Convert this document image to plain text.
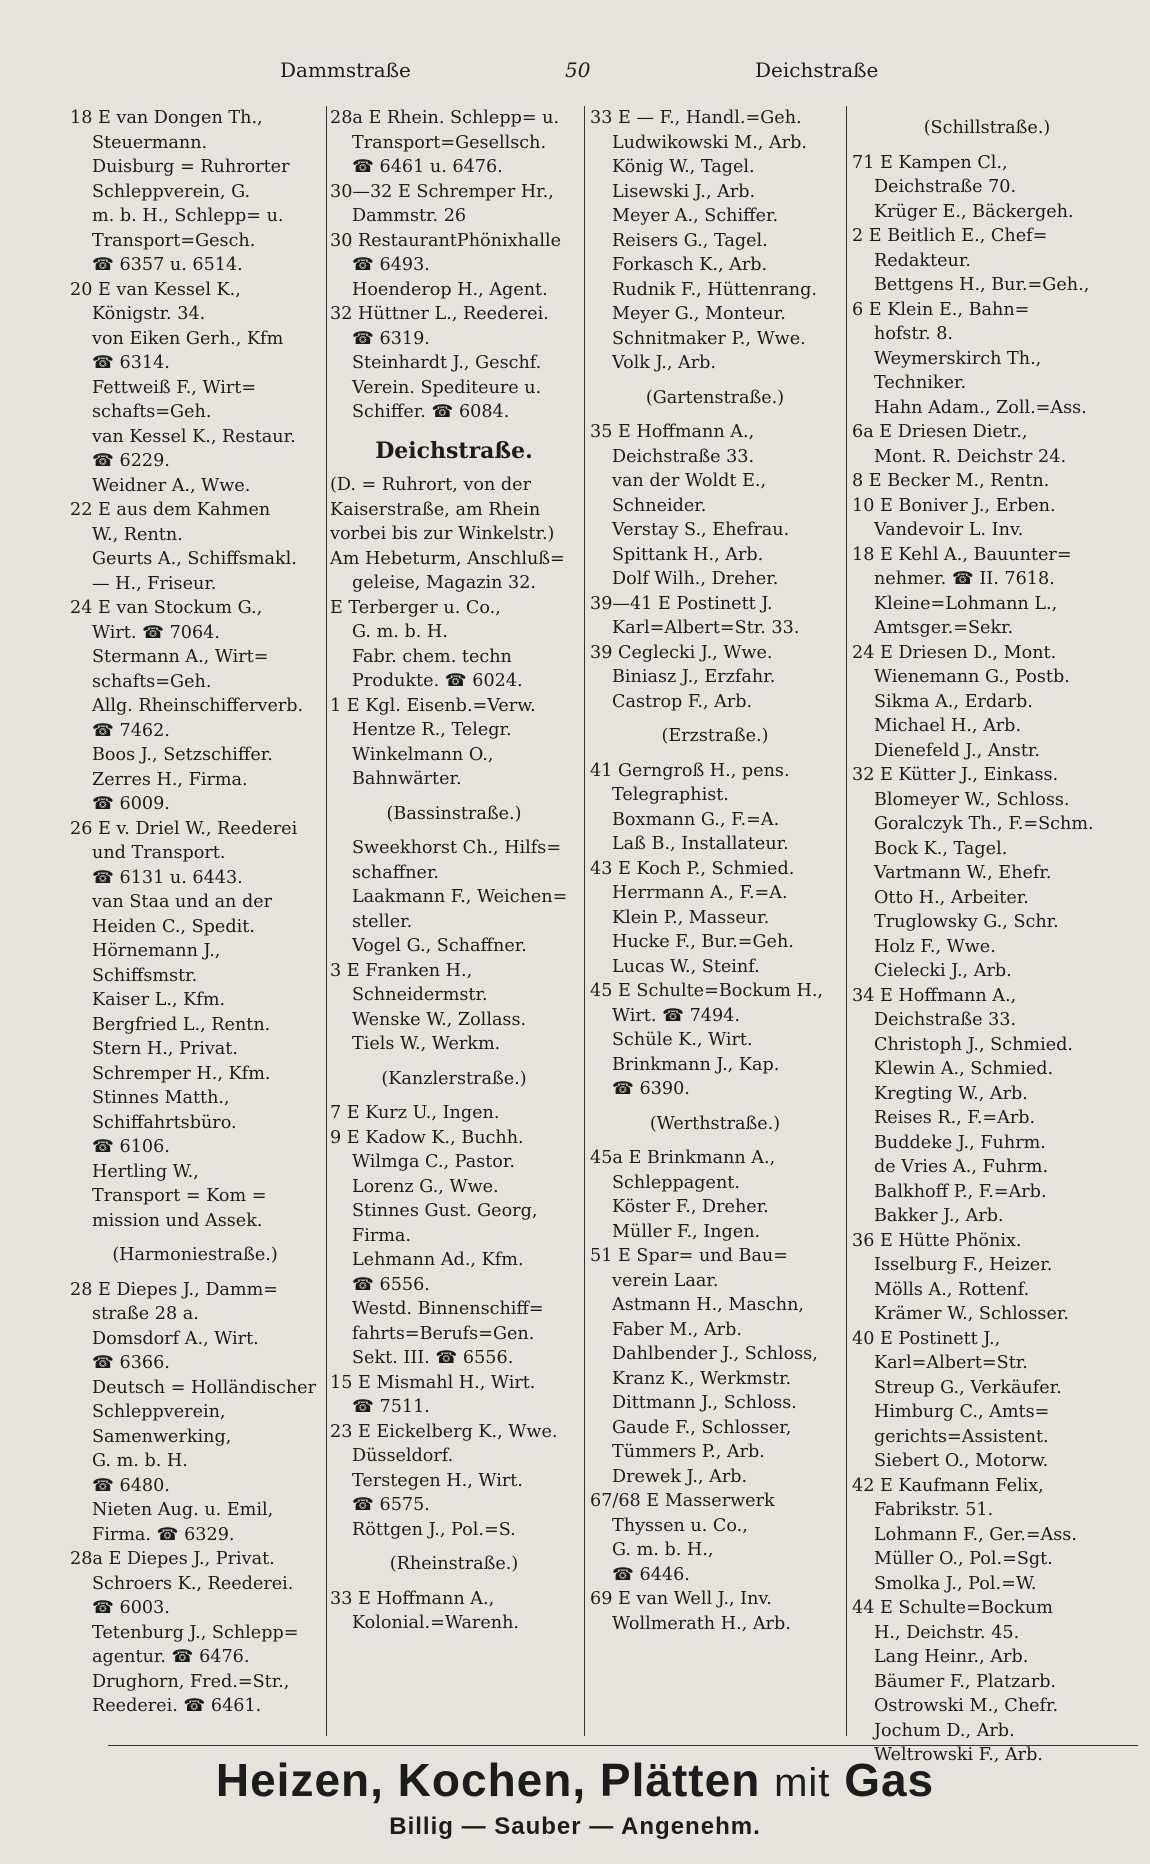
Dammstraße	50	Deichstraße
18 E van Dongen Th.,
Steuermann.
Duisburg = Ruhrorter
Schleppverein, G.
m. b. H., Schlepp= u.
Transport=Gesch.
☎ 6357 u. 6514.
20 E van Kessel K.,
Königstr. 34.
von Eiken Gerh., Kfm
☎ 6314.
Fettweiß F., Wirt=
schafts=Geh.
van Kessel K., Restaur.
☎ 6229.
Weidner A., Wwe.
22 E aus dem Kahmen
W., Rentn.
Geurts A., Schiffsmakl.
— H., Friseur.
24 E van Stockum G.,
Wirt. ☎ 7064.
Stermann A., Wirt=
schafts=Geh.
Allg. Rheinschifferverb.
☎ 7462.
Boos J., Setzschiffer.
Zerres H., Firma.
☎ 6009.
26 E v. Driel W., Reederei
und Transport.
☎ 6131 u. 6443.
van Staa und an der
Heiden C., Spedit.
Hörnemann J.,
Schiffsmstr.
Kaiser L., Kfm.
Bergfried L., Rentn.
Stern H., Privat.
Schremper H., Kfm.
Stinnes Matth.,
Schiffahrtsbüro.
☎ 6106.
Hertling W.,
Transport = Kom =
mission und Assek.
(Harmoniestraße.)
28 E Diepes J., Damm=
straße 28 a.
Domsdorf A., Wirt.
☎ 6366.
Deutsch = Holländischer
Schleppverein,
Samenwerking,
G. m. b. H.
☎ 6480.
Nieten Aug. u. Emil,
Firma. ☎ 6329.
28a E Diepes J., Privat.
Schroers K., Reederei.
☎ 6003.
Tetenburg J., Schlepp=
agentur. ☎ 6476.
Drughorn, Fred.=Str.,
Reederei. ☎ 6461.
28a E Rhein. Schlepp= u.
Transport=Gesellsch.
☎ 6461 u. 6476.
30—32 E Schremper Hr.,
Dammstr. 26
30 RestaurantPhönixhalle
☎ 6493.
Hoenderop H., Agent.
32 Hüttner L., Reederei.
☎ 6319.
Steinhardt J., Geschf.
Verein. Spediteure u.
Schiffer. ☎ 6084.
Deichstraße.
(D. = Ruhrort, von der
Kaiserstraße, am Rhein
vorbei bis zur Winkelstr.)
Am Hebeturm, Anschluß=
geleise, Magazin 32.
E Terberger u. Co.,
G. m. b. H.
Fabr. chem. techn
Produkte. ☎ 6024.
1 E Kgl. Eisenb.=Verw.
Hentze R., Telegr.
Winkelmann O.,
Bahnwärter.
(Bassinstraße.)
Sweekhorst Ch., Hilfs=
schaffner.
Laakmann F., Weichen=
steller.
Vogel G., Schaffner.
3 E Franken H.,
Schneidermstr.
Wenske W., Zollass.
Tiels W., Werkm.
(Kanzlerstraße.)
7 E Kurz U., Ingen.
9 E Kadow K., Buchh.
Wilmga C., Pastor.
Lorenz G., Wwe.
Stinnes Gust. Georg,
Firma.
Lehmann Ad., Kfm.
☎ 6556.
Westd. Binnenschiff=
fahrts=Berufs=Gen.
Sekt. III. ☎ 6556.
15 E Mismahl H., Wirt.
☎ 7511.
23 E Eickelberg K., Wwe.
Düsseldorf.
Terstegen H., Wirt.
☎ 6575.
Röttgen J., Pol.=S.
(Rheinstraße.)
33 E Hoffmann A.,
Kolonial.=Warenh.
33 E — F., Handl.=Geh.
Ludwikowski M., Arb.
König W., Tagel.
Lisewski J., Arb.
Meyer A., Schiffer.
Reisers G., Tagel.
Forkasch K., Arb.
Rudnik F., Hüttenrang.
Meyer G., Monteur.
Schnitmaker P., Wwe.
Volk J., Arb.
(Gartenstraße.)
35 E Hoffmann A.,
Deichstraße 33.
van der Woldt E.,
Schneider.
Verstay S., Ehefrau.
Spittank H., Arb.
Dolf Wilh., Dreher.
39—41 E Postinett J.
Karl=Albert=Str. 33.
39 Ceglecki J., Wwe.
Biniasz J., Erzfahr.
Castrop F., Arb.
(Erzstraße.)
41 Gerngroß H., pens.
Telegraphist.
Boxmann G., F.=A.
Laß B., Installateur.
43 E Koch P., Schmied.
Herrmann A., F.=A.
Klein P., Masseur.
Hucke F., Bur.=Geh.
Lucas W., Steinf.
45 E Schulte=Bockum H.,
Wirt. ☎ 7494.
Schüle K., Wirt.
Brinkmann J., Kap.
☎ 6390.
(Werthstraße.)
45a E Brinkmann A.,
Schleppagent.
Köster F., Dreher.
Müller F., Ingen.
51 E Spar= und Bau=
verein Laar.
Astmann H., Maschn,
Faber M., Arb.
Dahlbender J., Schloss,
Kranz K., Werkmstr.
Dittmann J., Schloss.
Gaude F., Schlosser,
Tümmers P., Arb.
Drewek J., Arb.
67/68 E Masserwerk
Thyssen u. Co.,
G. m. b. H.,
☎ 6446.
69 E van Well J., Inv.
Wollmerath H., Arb.
(Schillstraße.)
71 E Kampen Cl.,
Deichstraße 70.
Krüger E., Bäckergeh.
2 E Beitlich E., Chef=
Redakteur.
Bettgens H., Bur.=Geh.,
6 E Klein E., Bahn=
hofstr. 8.
Weymerskirch Th.,
Techniker.
Hahn Adam., Zoll.=Ass.
6a E Driesen Dietr.,
Mont. R. Deichstr 24.
8 E Becker M., Rentn.
10 E Boniver J., Erben.
Vandevoir L. Inv.
18 E Kehl A., Bauunter=
nehmer. ☎ II. 7618.
Kleine=Lohmann L.,
Amtsger.=Sekr.
24 E Driesen D., Mont.
Wienemann G., Postb.
Sikma A., Erdarb.
Michael H., Arb.
Dienefeld J., Anstr.
32 E Kütter J., Einkass.
Blomeyer W., Schloss.
Goralczyk Th., F.=Schm.
Bock K., Tagel.
Vartmann W., Ehefr.
Otto H., Arbeiter.
Truglowsky G., Schr.
Holz F., Wwe.
Cielecki J., Arb.
34 E Hoffmann A.,
Deichstraße 33.
Christoph J., Schmied.
Klewin A., Schmied.
Kregting W., Arb.
Reises R., F.=Arb.
Buddeke J., Fuhrm.
de Vries A., Fuhrm.
Balkhoff P., F.=Arb.
Bakker J., Arb.
36 E Hütte Phönix.
Isselburg F., Heizer.
Mölls A., Rottenf.
Krämer W., Schlosser.
40 E Postinett J.,
Karl=Albert=Str.
Streup G., Verkäufer.
Himburg C., Amts=
gerichts=Assistent.
Siebert O., Motorw.
42 E Kaufmann Felix,
Fabrikstr. 51.
Lohmann F., Ger.=Ass.
Müller O., Pol.=Sgt.
Smolka J., Pol.=W.
44 E Schulte=Bockum
H., Deichstr. 45.
Lang Heinr., Arb.
Bäumer F., Platzarb.
Ostrowski M., Chefr.
Jochum D., Arb.
Weltrowski F., Arb.
Heizen, Kochen, Plätten mit Gas
Billig — Sauber — Angenehm.
